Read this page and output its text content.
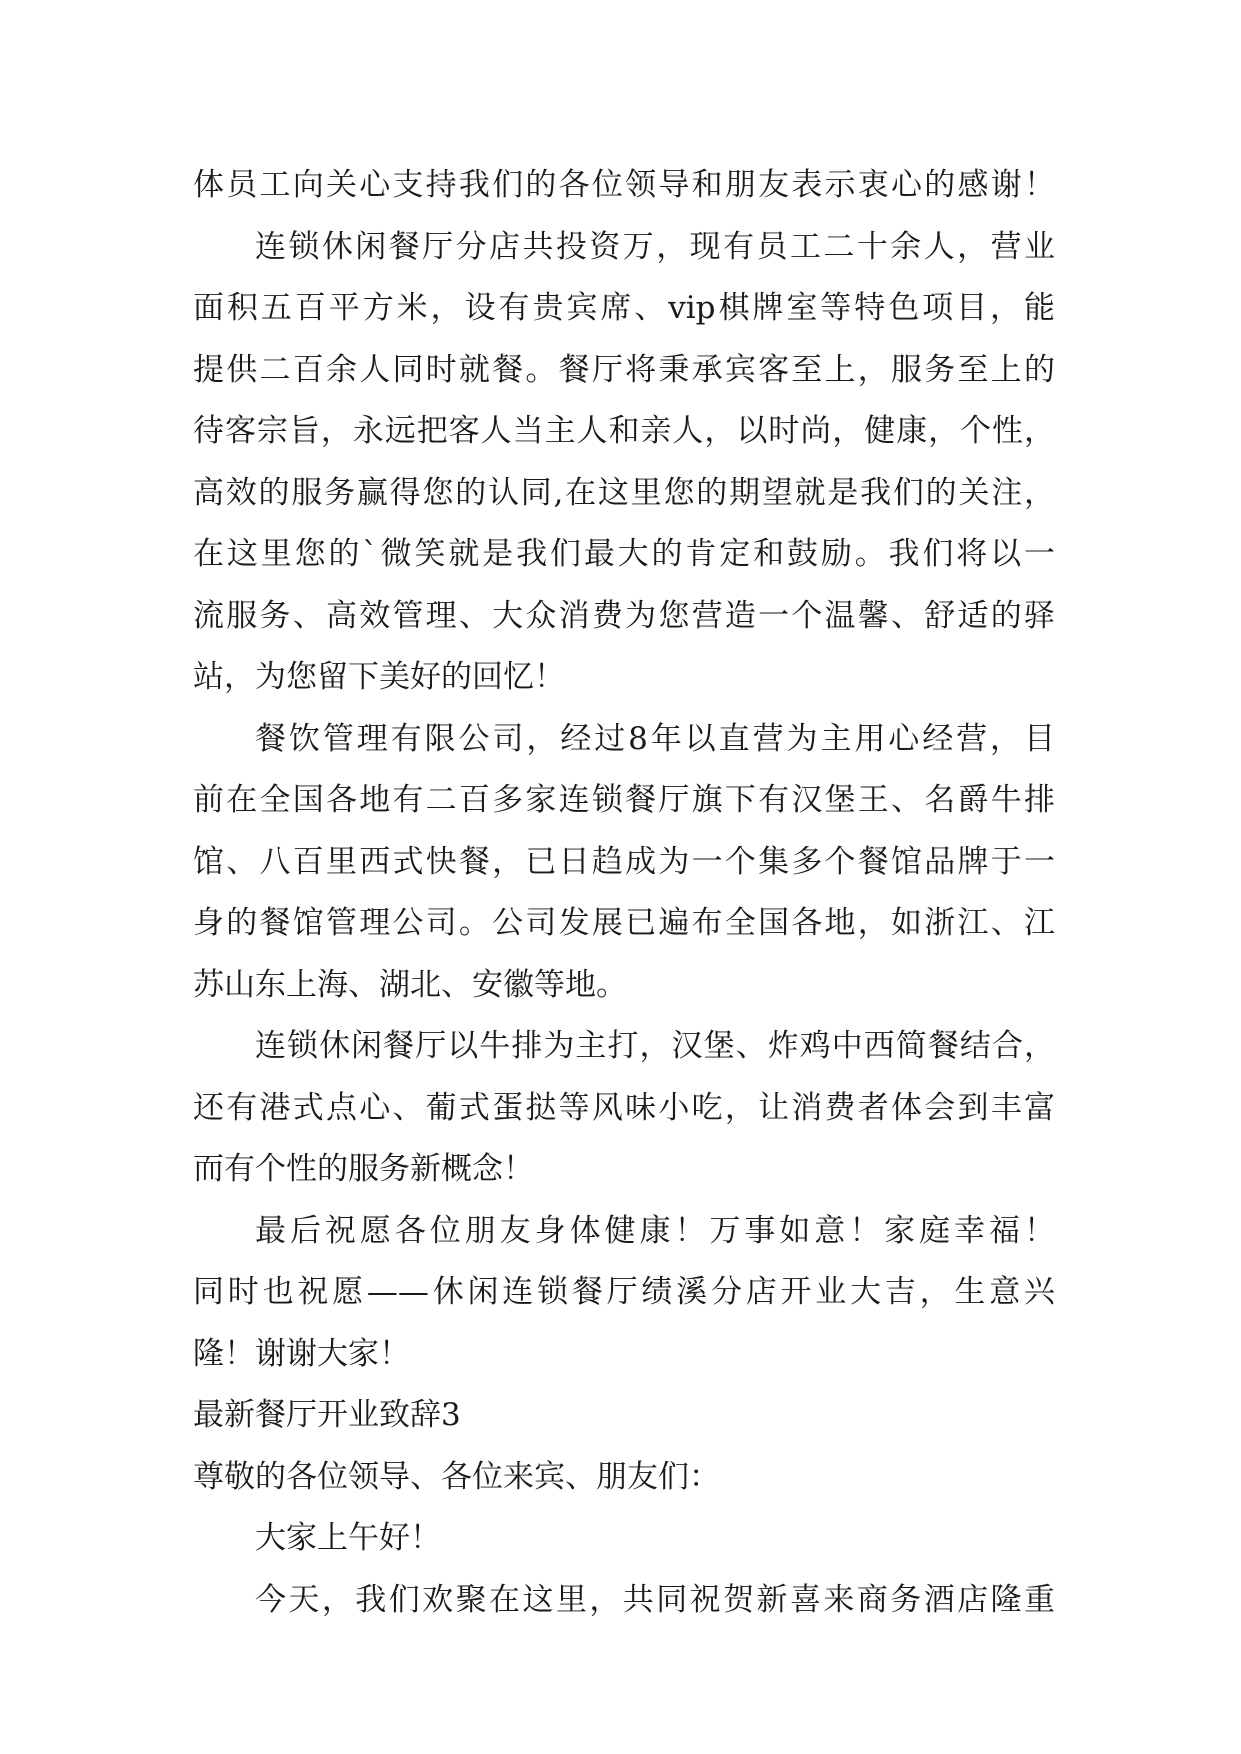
体员工向关心支持我们的各位领导和朋友表示衷心的感谢！
连锁休闲餐厅分店共投资万，现有员工二十余人，营业
面积五百平方米，设有贵宾席、vip棋牌室等特色项目，能
提供二百余人同时就餐。餐厅将秉承宾客至上，服务至上的
待客宗旨，永远把客人当主人和亲人，以时尚，健康，个性，
高效的服务赢得您的认同,在这里您的期望就是我们的关注，
在这里您的`微笑就是我们最大的肯定和鼓励。我们将以一
流服务、高效管理、大众消费为您营造一个温馨、舒适的驿
站，为您留下美好的回忆！
餐饮管理有限公司，经过8年以直营为主用心经营，目
前在全国各地有二百多家连锁餐厅旗下有汉堡王、名爵牛排
馆、八百里西式快餐，已日趋成为一个集多个餐馆品牌于一
身的餐馆管理公司。公司发展已遍布全国各地，如浙江、江
苏山东上海、湖北、安徽等地。
连锁休闲餐厅以牛排为主打，汉堡、炸鸡中西简餐结合，
还有港式点心、葡式蛋挞等风味小吃，让消费者体会到丰富
而有个性的服务新概念！
最后祝愿各位朋友身体健康！万事如意！家庭幸福！
同时也祝愿——休闲连锁餐厅绩溪分店开业大吉，生意兴
隆！谢谢大家！
最新餐厅开业致辞3
尊敬的各位领导、各位来宾、朋友们：
大家上午好！
今天，我们欢聚在这里，共同祝贺新喜来商务酒店隆重
